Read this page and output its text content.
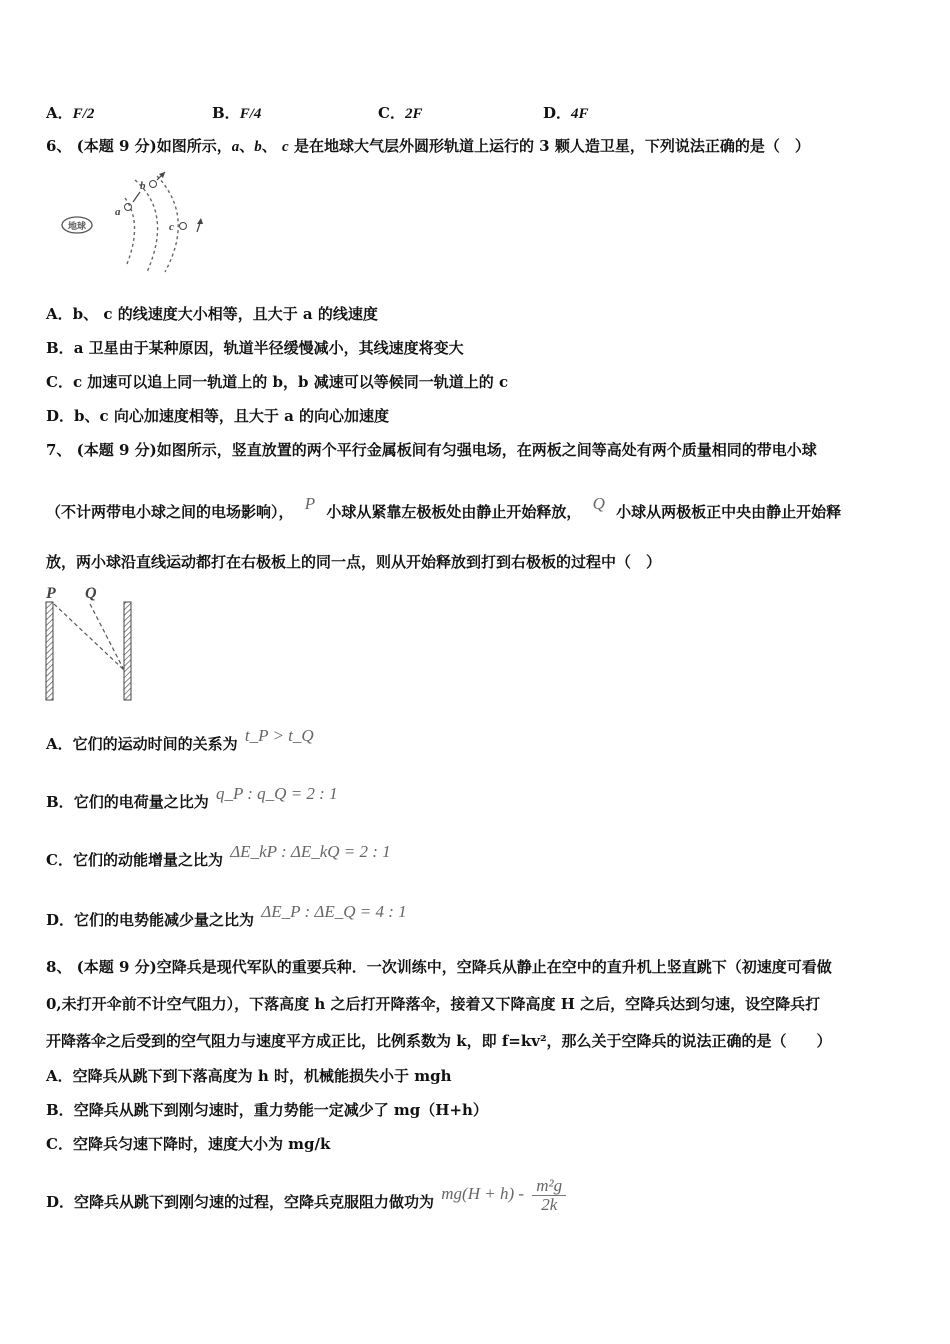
A．F/2	B．F/4	C．2F	D．4F
6、 (本题 9 分)如图所示，a、b、 c 是在地球大气层外圆形轨道上运行的 3 颗人造卫星，下列说法正确的是（　）
地球
a
b
c
A．b、 c 的线速度大小相等，且大于 a 的线速度
B．a 卫星由于某种原因，轨道半径缓慢减小，其线速度将变大
C．c 加速可以追上同一轨道上的 b，b 减速可以等候同一轨道上的 c
D．b、c 向心加速度相等，且大于 a 的向心加速度
7、 (本题 9 分)如图所示，竖直放置的两个平行金属板间有匀强电场，在两板之间等高处有两个质量相同的带电小球
（不计两带电小球之间的电场影响）， P 小球从紧靠左极板处由静止开始释放， Q 小球从两极板正中央由静止开始释
放，两小球沿直线运动都打在右极板上的同一点，则从开始释放到打到右极板的过程中（　）
P Q
A．它们的运动时间的关系为 t_P > t_Q
B．它们的电荷量之比为 q_P : q_Q = 2 : 1
C．它们的动能增量之比为 ΔE_kP : ΔE_kQ = 2 : 1
D．它们的电势能减少量之比为 ΔE_P : ΔE_Q = 4 : 1
8、 (本题 9 分)空降兵是现代军队的重要兵种．一次训练中，空降兵从静止在空中的直升机上竖直跳下（初速度可看做
0,未打开伞前不计空气阻力），下落高度 h 之后打开降落伞，接着又下降高度 H 之后，空降兵达到匀速，设空降兵打
开降落伞之后受到的空气阻力与速度平方成正比，比例系数为 k，即 f=kv²，那么关于空降兵的说法正确的是（　　）
A．空降兵从跳下到下落高度为 h 时，机械能损失小于 mgh
B．空降兵从跳下到刚匀速时，重力势能一定减少了 mg（H+h）
C．空降兵匀速下降时，速度大小为 mg/k
D．空降兵从跳下到刚匀速的过程，空降兵克服阻力做功为 $mg(H + h) - \frac{\text{m²g}}{2k}$
